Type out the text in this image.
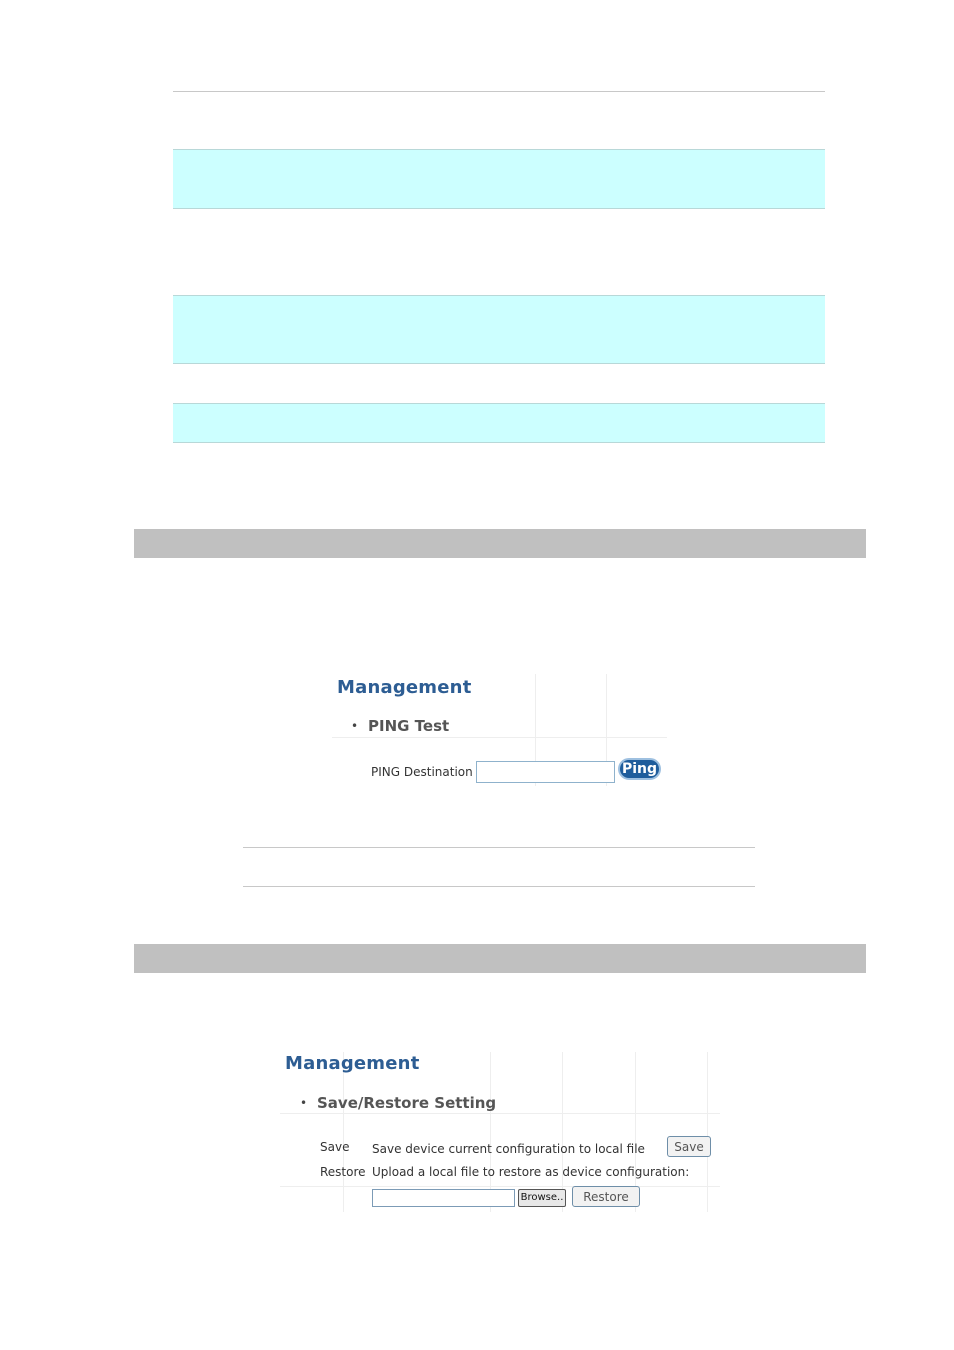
Management
• PING Test
PING Destination	Ping
Management
• Save/Restore Setting
Save Save device current configuration to local file	Save
Restore Upload a local file to restore as device configuration:
Browse..	Restore
